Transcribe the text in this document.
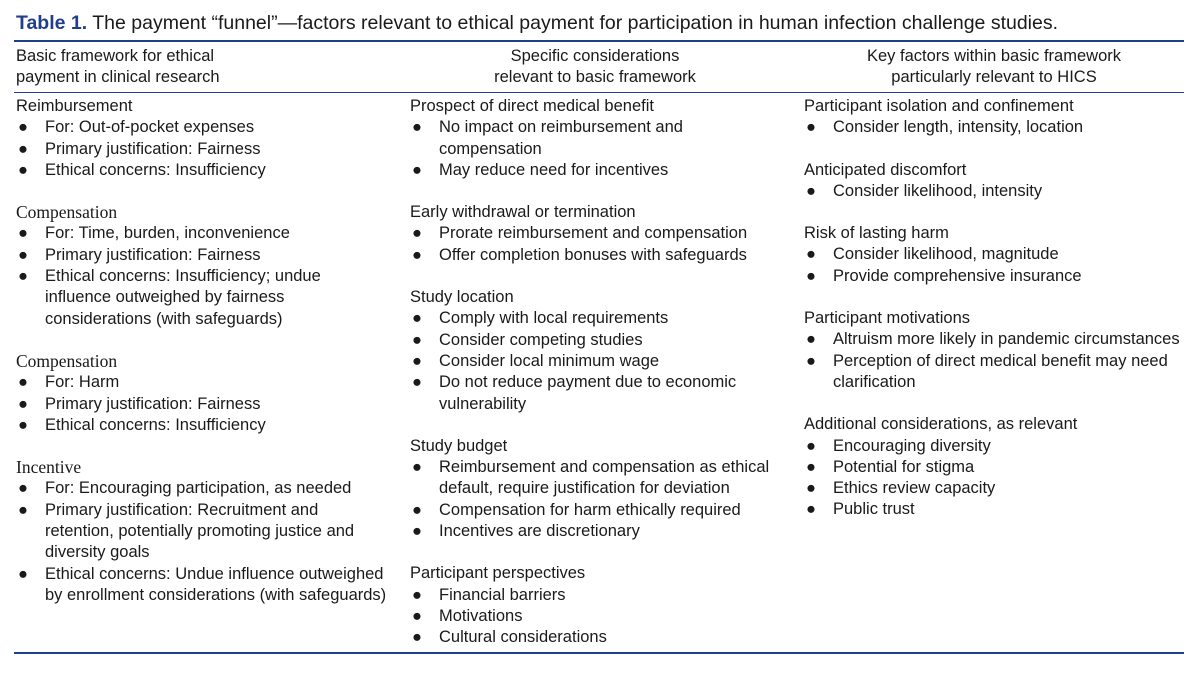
Table 1. The payment “funnel”—factors relevant to ethical payment for participation in human infection challenge studies.
Basic framework for ethical
payment in clinical research
Specific considerations
relevant to basic framework
Key factors within basic framework
particularly relevant to HICS
Reimbursement
● For: Out-of-pocket expenses
● Primary justification: Fairness
● Ethical concerns: Insufficiency
Compensation
● For: Time, burden, inconvenience
● Primary justification: Fairness
● Ethical concerns: Insufficiency; undue influence outweighed by fairness considerations (with safeguards)
Compensation
● For: Harm
● Primary justification: Fairness
● Ethical concerns: Insufficiency
Incentive
● For: Encouraging participation, as needed
● Primary justification: Recruitment and retention, potentially promoting justice and diversity goals
● Ethical concerns: Undue influence outweighed by enrollment considerations (with safeguards)
Prospect of direct medical benefit
● No impact on reimbursement and compensation
● May reduce need for incentives
Early withdrawal or termination
● Prorate reimbursement and compensation
● Offer completion bonuses with safeguards
Study location
● Comply with local requirements
● Consider competing studies
● Consider local minimum wage
● Do not reduce payment due to economic vulnerability
Study budget
● Reimbursement and compensation as ethical default, require justification for deviation
● Compensation for harm ethically required
● Incentives are discretionary
Participant perspectives
● Financial barriers
● Motivations
● Cultural considerations
Participant isolation and confinement
● Consider length, intensity, location
Anticipated discomfort
● Consider likelihood, intensity
Risk of lasting harm
● Consider likelihood, magnitude
● Provide comprehensive insurance
Participant motivations
● Altruism more likely in pandemic circumstances
● Perception of direct medical benefit may need clarification
Additional considerations, as relevant
● Encouraging diversity
● Potential for stigma
● Ethics review capacity
● Public trust
